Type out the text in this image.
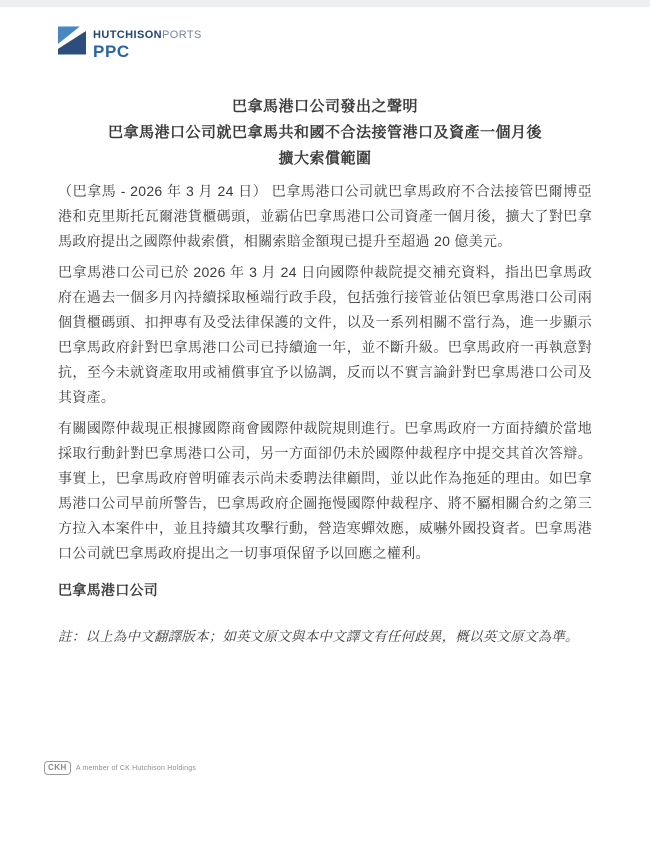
HUTCHISONPORTS
PPC
巴拿馬港口公司發出之聲明
巴拿馬港口公司就巴拿馬共和國不合法接管港口及資產一個月後
擴大索償範圍

（巴拿馬 - 2026 年 3 月 24 日） 巴拿馬港口公司就巴拿馬政府不合法接管巴爾博亞港和克里斯托瓦爾港貨櫃碼頭，並霸佔巴拿馬港口公司資產一個月後，擴大了對巴拿馬政府提出之國際仲裁索償，相關索賠金額現已提升至超過 20 億美元。

巴拿馬港口公司已於 2026 年 3 月 24 日向國際仲裁院提交補充資料，指出巴拿馬政府在過去一個多月內持續採取極端行政手段，包括強行接管並佔領巴拿馬港口公司兩個貨櫃碼頭、扣押專有及受法律保護的文件，以及一系列相關不當行為，進一步顯示巴拿馬政府針對巴拿馬港口公司已持續逾一年，並不斷升級。巴拿馬政府一再執意對抗，至今未就資產取用或補償事宜予以協調，反而以不實言論針對巴拿馬港口公司及其資產。

有關國際仲裁現正根據國際商會國際仲裁院規則進行。巴拿馬政府一方面持續於當地採取行動針對巴拿馬港口公司，另一方面卻仍未於國際仲裁程序中提交其首次答辯。事實上，巴拿馬政府曾明確表示尚未委聘法律顧問，並以此作為拖延的理由。如巴拿馬港口公司早前所警告，巴拿馬政府企圖拖慢國際仲裁程序、將不屬相關合約之第三方拉入本案件中，並且持續其攻擊行動，營造寒蟬效應，威嚇外國投資者。巴拿馬港口公司就巴拿馬政府提出之一切事項保留予以回應之權利。

巴拿馬港口公司

註：以上為中文翻譯版本；如英文原文與本中文譯文有任何歧異，概以英文原文為準。

CKH	A member of CK Hutchison Holdings
